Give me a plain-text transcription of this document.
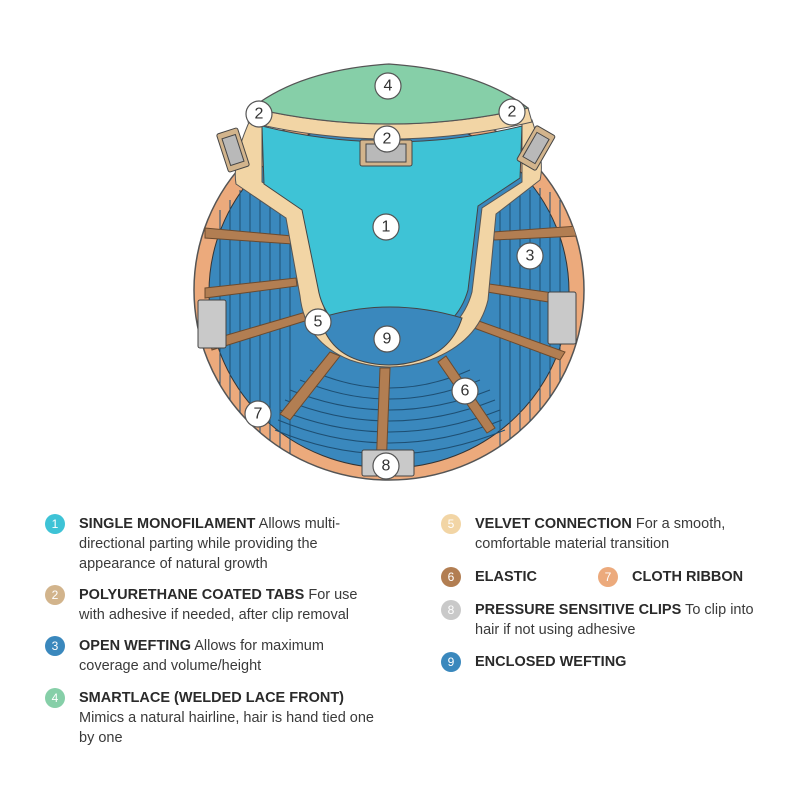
4
2	2
2
1
3
5
9
6
7
8
1	SINGLE MONOFILAMENT Allows multi-directional parting while providing the appearance of natural growth
2	POLYURETHANE COATED TABS For use with adhesive if needed, after clip removal
3	OPEN WEFTING Allows for maximum coverage and volume/height
4	SMARTLACE (WELDED LACE FRONT)
Mimics a natural hairline, hair is hand tied one by one
5	VELVET CONNECTION For a smooth, comfortable material transition
6	ELASTIC	7	CLOTH RIBBON
8	PRESSURE SENSITIVE CLIPS To clip into hair if not using adhesive
9	ENCLOSED WEFTING
